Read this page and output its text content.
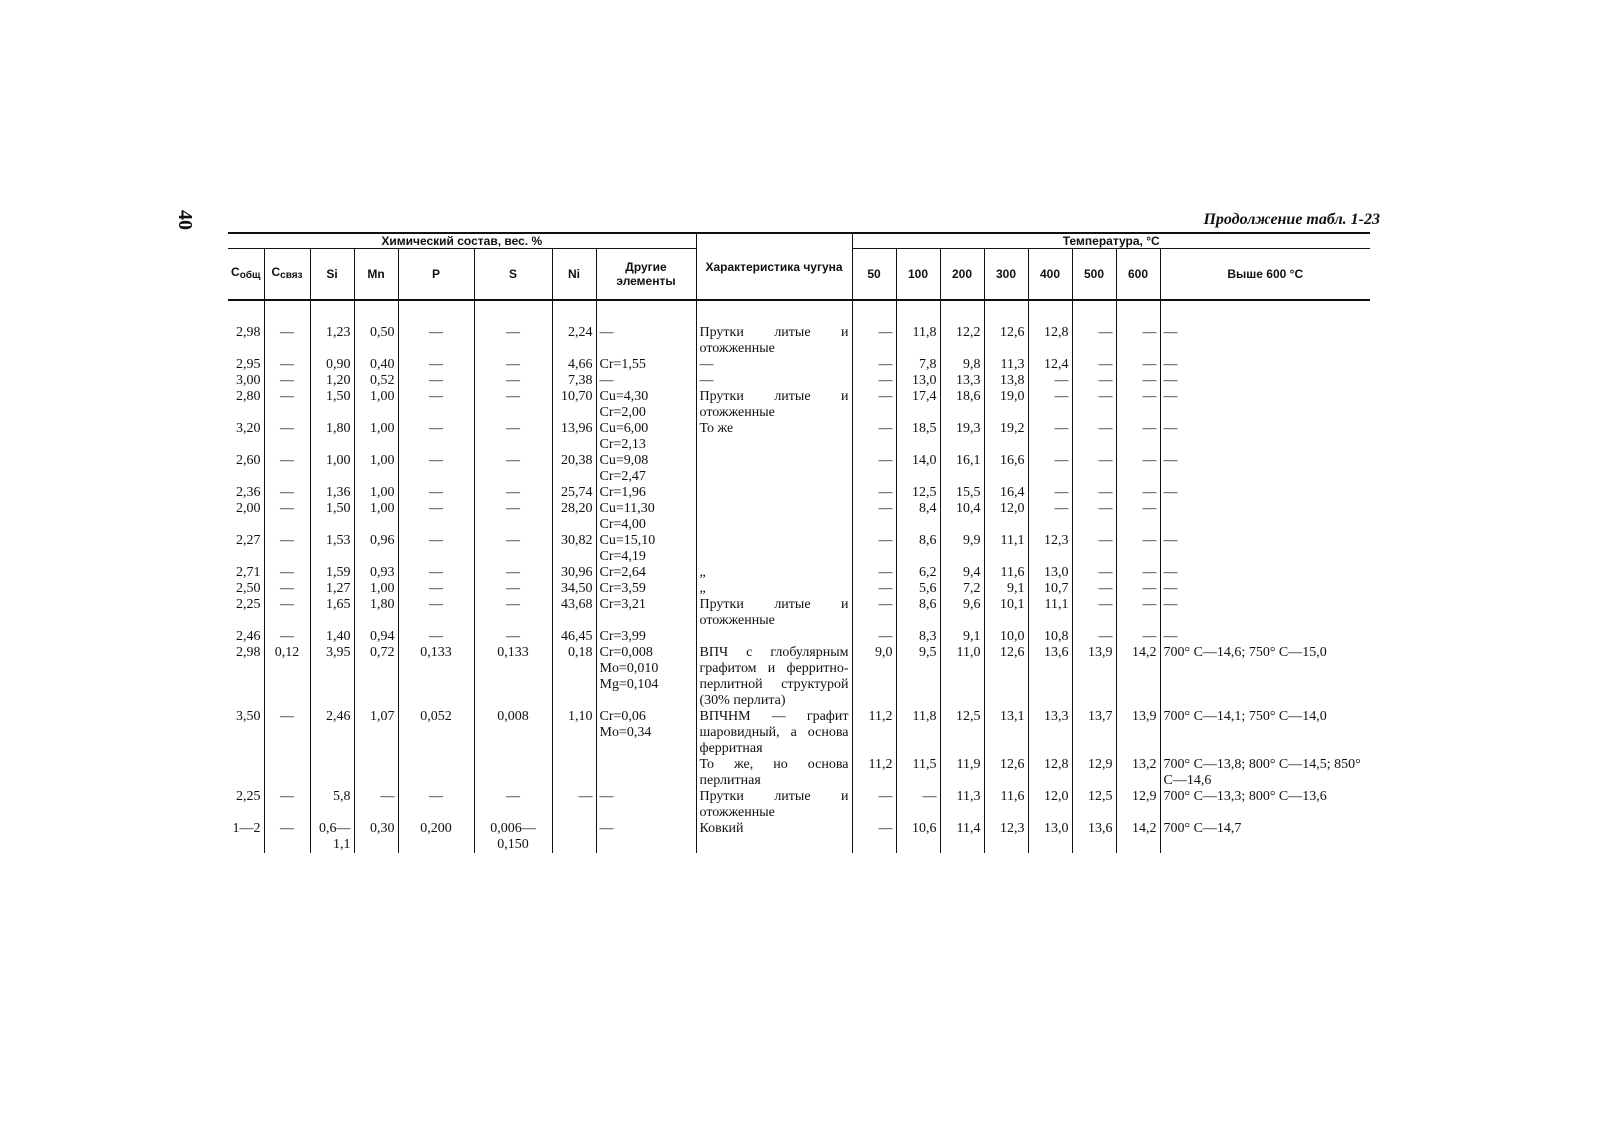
40	Продолжение табл. 1-23
Химический состав, вес. %								Характеристика чугуна	Температура, °С							
$С_{общ}$	$С_{связ}$	Si	Mn	P	S	Ni	Другие элементы		50	100	200	300	400	500	600	Выше 600 °С

2,98	—	1,23	0,50	—	—	2,24	—	Прутки литые и отожженные	—	11,8	12,2	12,6	12,8	—	—	—
2,95	—	0,90	0,40	—	—	4,66	Cr=1,55	—	—	7,8	9,8	11,3	12,4	—	—	—
3,00	—	1,20	0,52	—	—	7,38	—	—	—	13,0	13,3	13,8	—	—	—	—
2,80	—	1,50	1,00	—	—	10,70	Cu=4,30 Cr=2,00	Прутки литые и отожженные	—	17,4	18,6	19,0	—	—	—	—
3,20	—	1,80	1,00	—	—	13,96	Cu=6,00 Cr=2,13	То же	—	18,5	19,3	19,2	—	—	—	—
2,60	—	1,00	1,00	—	—	20,38	Cu=9,08 Cr=2,47		—	14,0	16,1	16,6	—	—	—	—
2,36	—	1,36	1,00	—	—	25,74	Cr=1,96		—	12,5	15,5	16,4	—	—	—	—
2,00	—	1,50	1,00	—	—	28,20	Cu=11,30 Cr=4,00		—	8,4	10,4	12,0	—	—	—	
2,27	—	1,53	0,96	—	—	30,82	Cu=15,10 Cr=4,19		—	8,6	9,9	11,1	12,3	—	—	—
2,71	—	1,59	0,93	—	—	30,96	Cr=2,64	„	—	6,2	9,4	11,6	13,0	—	—	—
2,50	—	1,27	1,00	—	—	34,50	Cr=3,59	„	—	5,6	7,2	9,1	10,7	—	—	—
2,25	—	1,65	1,80	—	—	43,68	Cr=3,21	Прутки литые и отожженные	—	8,6	9,6	10,1	11,1	—	—	—
2,46	—	1,40	0,94	—	—	46,45	Cr=3,99		—	8,3	9,1	10,0	10,8	—	—	—
2,98	0,12	3,95	0,72	0,133	0,133	0,18	Cr=0,008 Mo=0,010 Mg=0,104	ВПЧ с глобулярным графитом и ферритно-перлитной структурой (30% перлита)	9,0	9,5	11,0	12,6	13,6	13,9	14,2	700° С—14,6; 750° С—15,0
3,50	—	2,46	1,07	0,052	0,008	1,10	Cr=0,06 Mo=0,34	ВПЧНМ — графит шаровидный, а основа ферритная	11,2	11,8	12,5	13,1	13,3	13,7	13,9	700° С—14,1; 750° С—14,0
								То же, но основа перлитная	11,2	11,5	11,9	12,6	12,8	12,9	13,2	700° С—13,8; 800° С—14,5; 850° С—14,6
2,25	—	5,8	—	—	—	—	—	Прутки литые и отожженные	—	—	11,3	11,6	12,0	12,5	12,9	700° С—13,3; 800° С—13,6
1—2	—	0,6—1,1	0,30	0,200	0,006—0,150		—	Ковкий	—	10,6	11,4	12,3	13,0	13,6	14,2	700° С—14,7
